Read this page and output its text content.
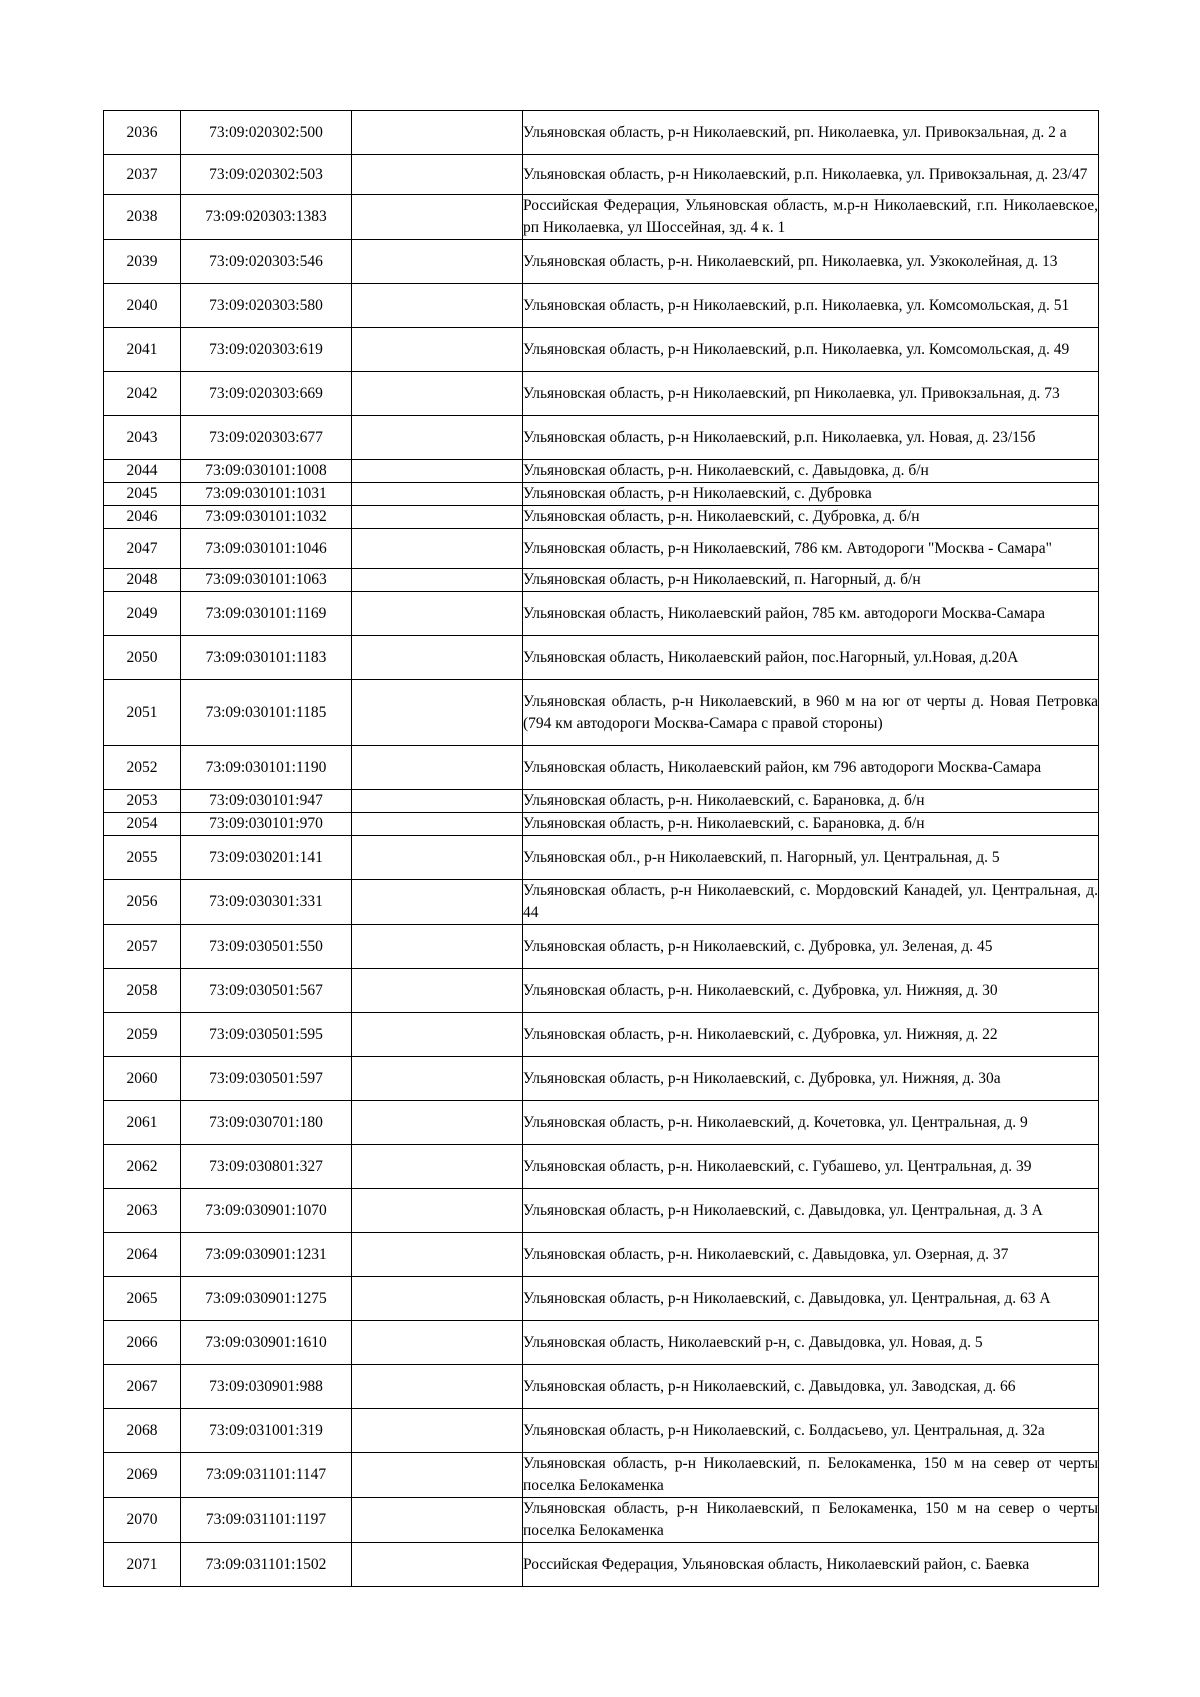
2036	73:09:020302:500		Ульяновская область, р-н Николаевский, рп. Николаевка, ул. Привокзальная, д. 2 а
2037	73:09:020302:503		Ульяновская область, р-н Николаевский, р.п. Николаевка, ул. Привокзальная, д. 23/47
2038	73:09:020303:1383		Российская Федерация, Ульяновская область, м.р-н Николаевский, г.п. Николаевское, рп Николаевка, ул Шоссейная, зд. 4 к. 1
2039	73:09:020303:546		Ульяновская область, р-н. Николаевский, рп. Николаевка, ул. Узкоколейная, д. 13
2040	73:09:020303:580		Ульяновская область, р-н Николаевский, р.п. Николаевка, ул. Комсомольская, д. 51
2041	73:09:020303:619		Ульяновская область, р-н Николаевский, р.п. Николаевка, ул. Комсомольская, д. 49
2042	73:09:020303:669		Ульяновская область, р-н Николаевский, рп Николаевка, ул. Привокзальная, д. 73
2043	73:09:020303:677		Ульяновская область, р-н Николаевский, р.п. Николаевка, ул. Новая, д. 23/15б
2044	73:09:030101:1008		Ульяновская область, р-н. Николаевский, с. Давыдовка, д. б/н
2045	73:09:030101:1031		Ульяновская область, р-н Николаевский, с. Дубровка
2046	73:09:030101:1032		Ульяновская область, р-н. Николаевский, с. Дубровка, д. б/н
2047	73:09:030101:1046		Ульяновская область, р-н Николаевский, 786 км. Автодороги "Москва - Самара"
2048	73:09:030101:1063		Ульяновская область, р-н Николаевский, п. Нагорный, д. б/н
2049	73:09:030101:1169		Ульяновская область, Николаевский район, 785 км. автодороги Москва-Самара
2050	73:09:030101:1183		Ульяновская область, Николаевский район, пос.Нагорный, ул.Новая, д.20А
2051	73:09:030101:1185		Ульяновская область, р-н Николаевский, в 960 м на юг от черты д. Новая Петровка (794 км автодороги Москва-Самара с правой стороны)
2052	73:09:030101:1190		Ульяновская область, Николаевский район, км 796 автодороги Москва-Самара
2053	73:09:030101:947		Ульяновская область, р-н. Николаевский, с. Барановка, д. б/н
2054	73:09:030101:970		Ульяновская область, р-н. Николаевский, с. Барановка, д. б/н
2055	73:09:030201:141		Ульяновская обл., р-н Николаевский, п. Нагорный, ул. Центральная, д. 5
2056	73:09:030301:331		Ульяновская область, р-н Николаевский, с. Мордовский Канадей, ул. Центральная, д. 44
2057	73:09:030501:550		Ульяновская область, р-н Николаевский, с. Дубровка, ул. Зеленая, д. 45
2058	73:09:030501:567		Ульяновская область, р-н. Николаевский, с. Дубровка, ул. Нижняя, д. 30
2059	73:09:030501:595		Ульяновская область, р-н. Николаевский, с. Дубровка, ул. Нижняя, д. 22
2060	73:09:030501:597		Ульяновская область, р-н Николаевский, с. Дубровка, ул. Нижняя, д. 30а
2061	73:09:030701:180		Ульяновская область, р-н. Николаевский, д. Кочетовка, ул. Центральная, д. 9
2062	73:09:030801:327		Ульяновская область, р-н. Николаевский, с. Губашево, ул. Центральная, д. 39
2063	73:09:030901:1070		Ульяновская область, р-н Николаевский, с. Давыдовка, ул. Центральная, д. 3 А
2064	73:09:030901:1231		Ульяновская область, р-н. Николаевский, с. Давыдовка, ул. Озерная, д. 37
2065	73:09:030901:1275		Ульяновская область, р-н Николаевский, с. Давыдовка, ул. Центральная, д. 63 А
2066	73:09:030901:1610		Ульяновская область, Николаевский р-н, с. Давыдовка, ул. Новая, д. 5
2067	73:09:030901:988		Ульяновская область, р-н Николаевский, с. Давыдовка, ул. Заводская, д. 66
2068	73:09:031001:319		Ульяновская область, р-н Николаевский, с. Болдасьево, ул. Центральная, д. 32а
2069	73:09:031101:1147		Ульяновская область, р-н Николаевский, п. Белокаменка, 150 м на север от черты поселка Белокаменка
2070	73:09:031101:1197		Ульяновская область, р-н Николаевский, п Белокаменка, 150 м на север о черты поселка Белокаменка
2071	73:09:031101:1502		Российская Федерация, Ульяновская область, Николаевский район, с. Баевка
